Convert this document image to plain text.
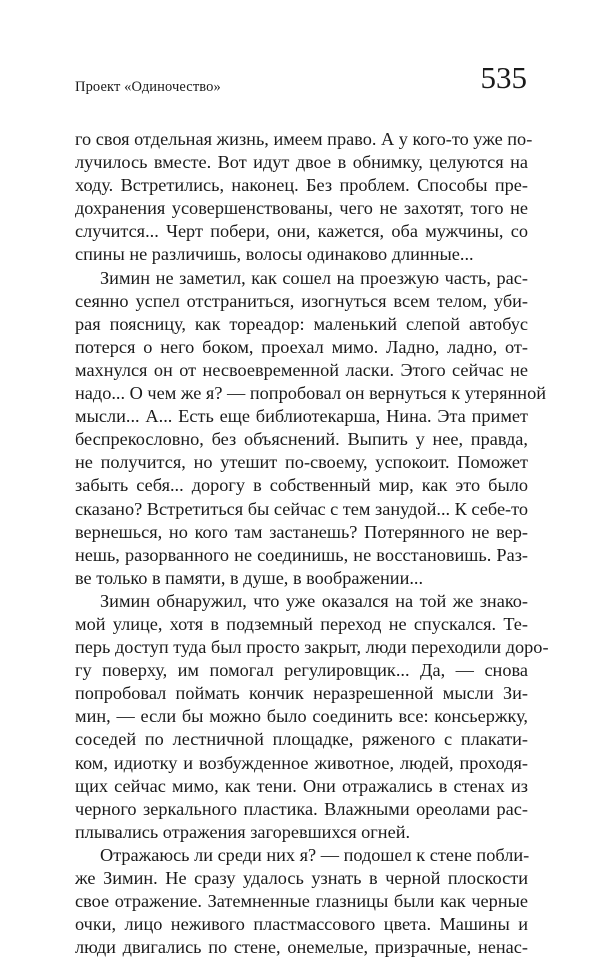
Проект «Одиночество»	535
го своя отдельная жизнь, имеем право. А у кого-то уже по-
лучилось вместе. Вот идут двое в обнимку, целуются на
ходу. Встретились, наконец. Без проблем. Способы пре-
дохранения усовершенствованы, чего не захотят, того не
случится... Черт побери, они, кажется, оба мужчины, со
спины не различишь, волосы одинаково длинные...
Зимин не заметил, как сошел на проезжую часть, рас-
сеянно успел отстраниться, изогнуться всем телом, уби-
рая поясницу, как тореадор: маленький слепой автобус
потерся о него боком, проехал мимо. Ладно, ладно, от-
махнулся он от несвоевременной ласки. Этого сейчас не
надо... О чем же я? — попробовал он вернуться к утерянной
мысли... А... Есть еще библиотекарша, Нина. Эта примет
беспрекословно, без объяснений. Выпить у нее, правда,
не получится, но утешит по-своему, успокоит. Поможет
забыть себя... дорогу в собственный мир, как это было
сказано? Встретиться бы сейчас с тем занудой... К себе-то
вернешься, но кого там застанешь? Потерянного не вер-
нешь, разорванного не соединишь, не восстановишь. Раз-
ве только в памяти, в душе, в воображении...
Зимин обнаружил, что уже оказался на той же знако-
мой улице, хотя в подземный переход не спускался. Те-
перь доступ туда был просто закрыт, люди переходили доро-
гу поверху, им помогал регулировщик... Да, — снова
попробовал поймать кончик неразрешенной мысли Зи-
мин, — если бы можно было соединить все: консьержку,
соседей по лестничной площадке, ряженого с плакати-
ком, идиотку и возбужденное животное, людей, проходя-
щих сейчас мимо, как тени. Они отражались в стенах из
черного зеркального пластика. Влажными ореолами рас-
плывались отражения загоревшихся огней.
Отражаюсь ли среди них я? — подошел к стене побли-
же Зимин. Не сразу удалось узнать в черной плоскости
свое отражение. Затемненные глазницы были как черные
очки, лицо неживого пластмассового цвета. Машины и
люди двигались по стене, онемелые, призрачные, ненас-
